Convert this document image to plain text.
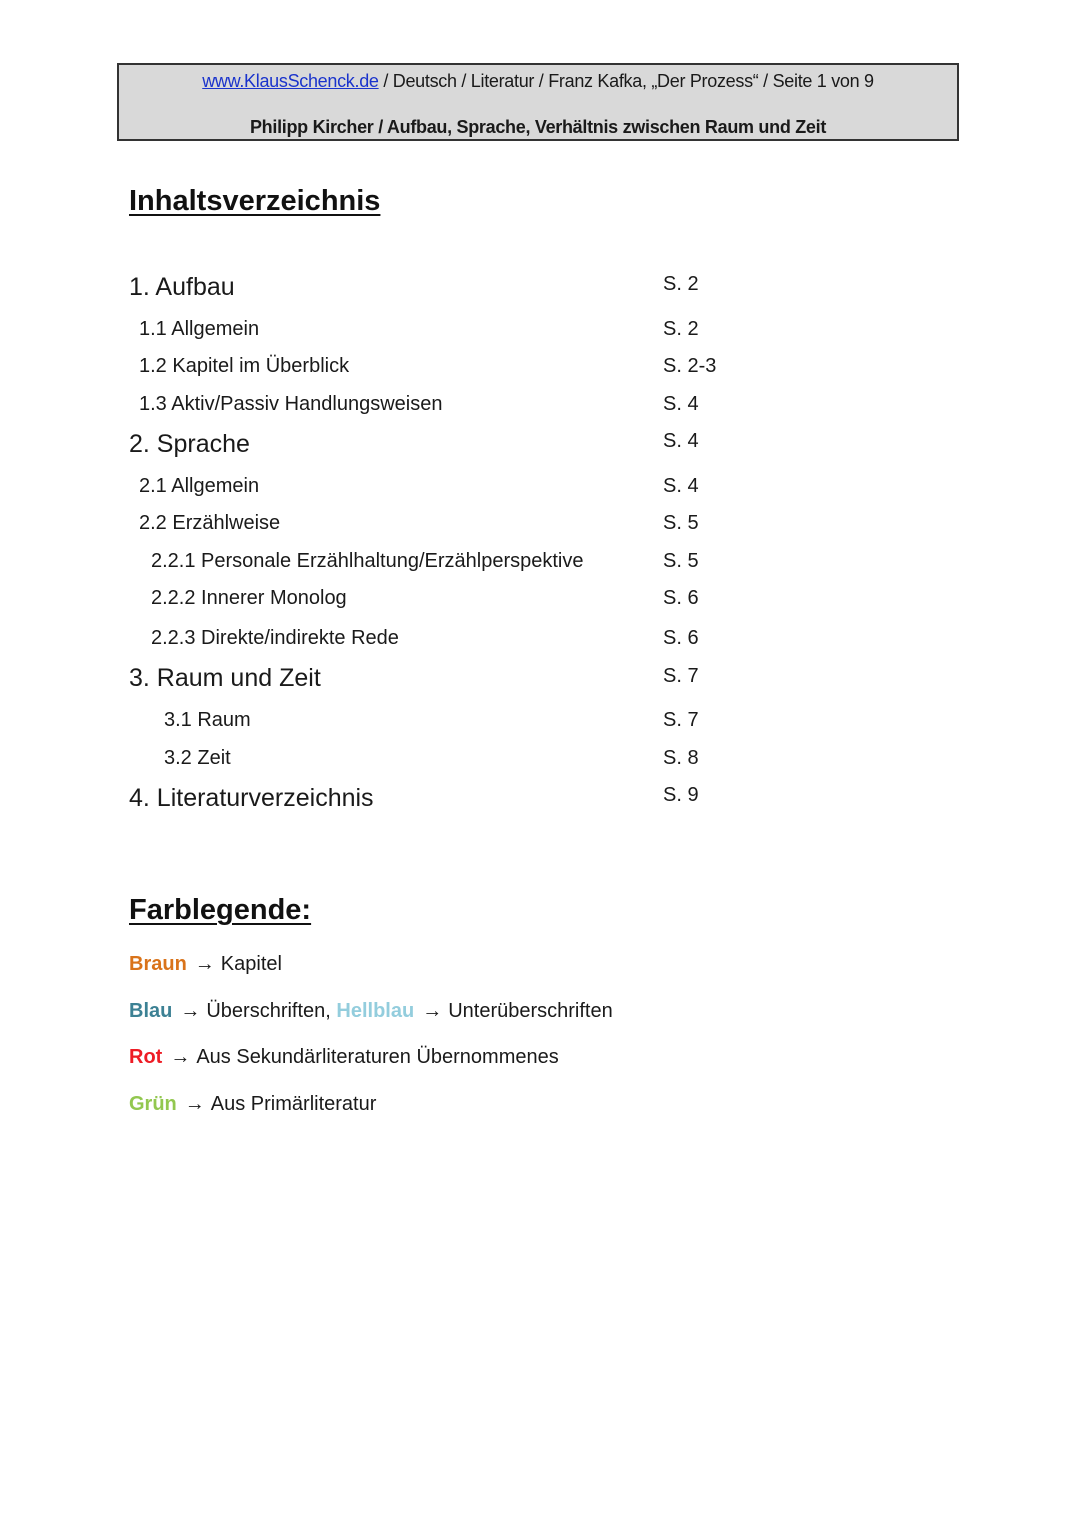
www.KlausSchenck.de / Deutsch / Literatur / Franz Kafka, „Der Prozess“ / Seite 1 von 9
Philipp Kircher / Aufbau, Sprache, Verhältnis zwischen Raum und Zeit
Inhaltsverzeichnis
1. Aufbau	S. 2
1.1 Allgemein	S. 2
1.2 Kapitel im Überblick	S. 2-3
1.3 Aktiv/Passiv Handlungsweisen	S. 4
2. Sprache	S. 4
2.1 Allgemein	S. 4
2.2 Erzählweise	S. 5
2.2.1 Personale Erzählhaltung/Erzählperspektive	S. 5
2.2.2 Innerer Monolog	S. 6
2.2.3 Direkte/indirekte Rede	S. 6
3. Raum und Zeit	S. 7
3.1 Raum	S. 7
3.2 Zeit	S. 8
4. Literaturverzeichnis	S. 9
Farblegende:
Braun → Kapitel
Blau → Überschriften, Hellblau → Unterüberschriften
Rot → Aus Sekundärliteraturen Übernommenes
Grün → Aus Primärliteratur
